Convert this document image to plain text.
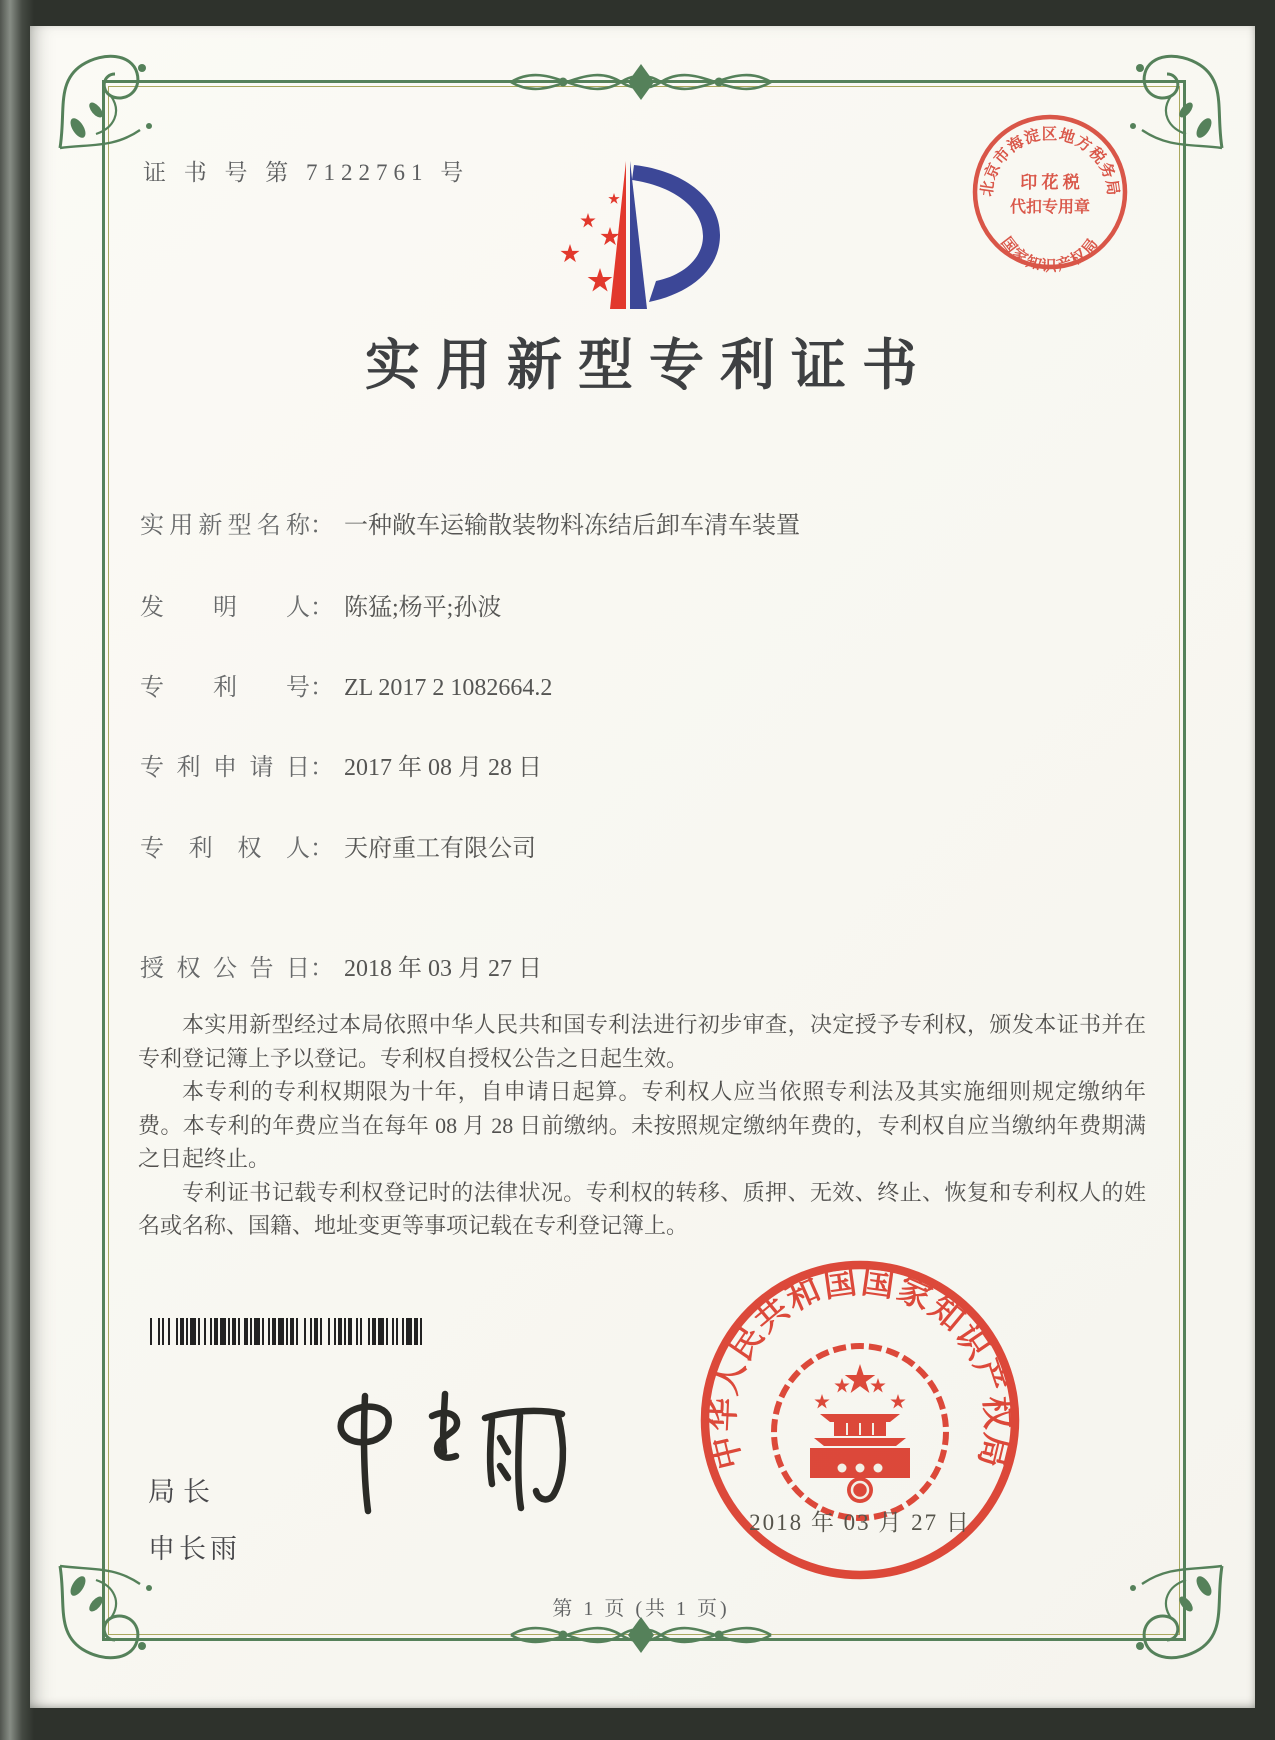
证 书 号 第 7122761 号
实用新型专利证书
北京市海淀区地方税务局
国家知识产权局
印 花 税
代扣专用章
实用新型名称： 一种敞车运输散装物料冻结后卸车清车装置
发明人： 陈猛;杨平;孙波
专利号： ZL 2017 2 1082664.2
专利申请日： 2017 年 08 月 28 日
专利权人： 天府重工有限公司
授权公告日： 2018 年 03 月 27 日

本实用新型经过本局依照中华人民共和国专利法进行初步审查，决定授予专利权，颁发本证书并在专利登记簿上予以登记。专利权自授权公告之日起生效。

本专利的专利权期限为十年，自申请日起算。专利权人应当依照专利法及其实施细则规定缴纳年费。本专利的年费应当在每年 08 月 28 日前缴纳。未按照规定缴纳年费的，专利权自应当缴纳年费期满之日起终止。

专利证书记载专利权登记时的法律状况。专利权的转移、质押、无效、终止、恢复和专利权人的姓名或名称、国籍、地址变更等事项记载在专利登记簿上。

局长
申长雨
中华人民共和国国家知识产权局
2018 年 03 月 27 日
第 1 页 (共 1 页)
